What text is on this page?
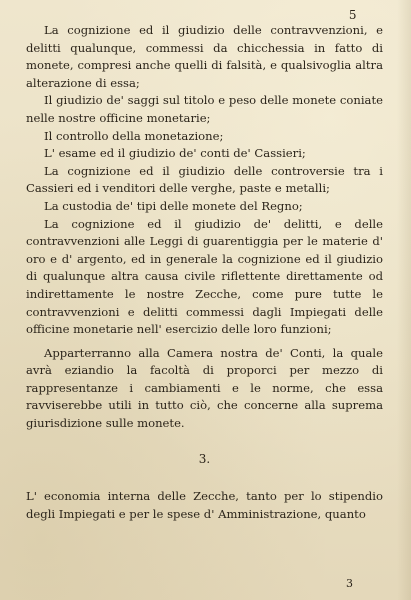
5

La cognizione ed il giudizio delle contravvenzioni, e delitti qualunque, commessi da chicchessia in fatto di monete, compresi anche quelli di falsità, e qualsivoglia altra alterazione di essa;

Il giudizio de' saggi sul titolo e peso delle monete coniate nelle nostre officine monetarie;

Il controllo della monetazione;

L' esame ed il giudizio de' conti de' Cassieri;

La cognizione ed il giudizio delle controversie tra i Cassieri ed i venditori delle verghe, paste e metalli;

La custodia de' tipi delle monete del Regno;

La cognizione ed il giudizio de' delitti, e delle contravvenzioni alle Leggi di guarentiggia per le materie d' oro e d' argento, ed in generale la cognizione ed il giudizio di qualunque altra causa civile riflettente direttamente od indirettamente le nostre Zecche, come pure tutte le contravvenzioni e delitti commessi dagli Impiegati delle officine monetarie nell' esercizio delle loro funzioni;

Apparterranno alla Camera nostra de' Conti, la quale avrà eziandio la facoltà di proporci per mezzo di rappresentanze i cambiamenti e le norme, che essa ravviserebbe utili in tutto ciò, che concerne alla suprema giurisdizione sulle monete.

3.

L' economia interna delle Zecche, tanto per lo stipendio degli Impiegati e per le spese d' Amministrazione, quanto

3
